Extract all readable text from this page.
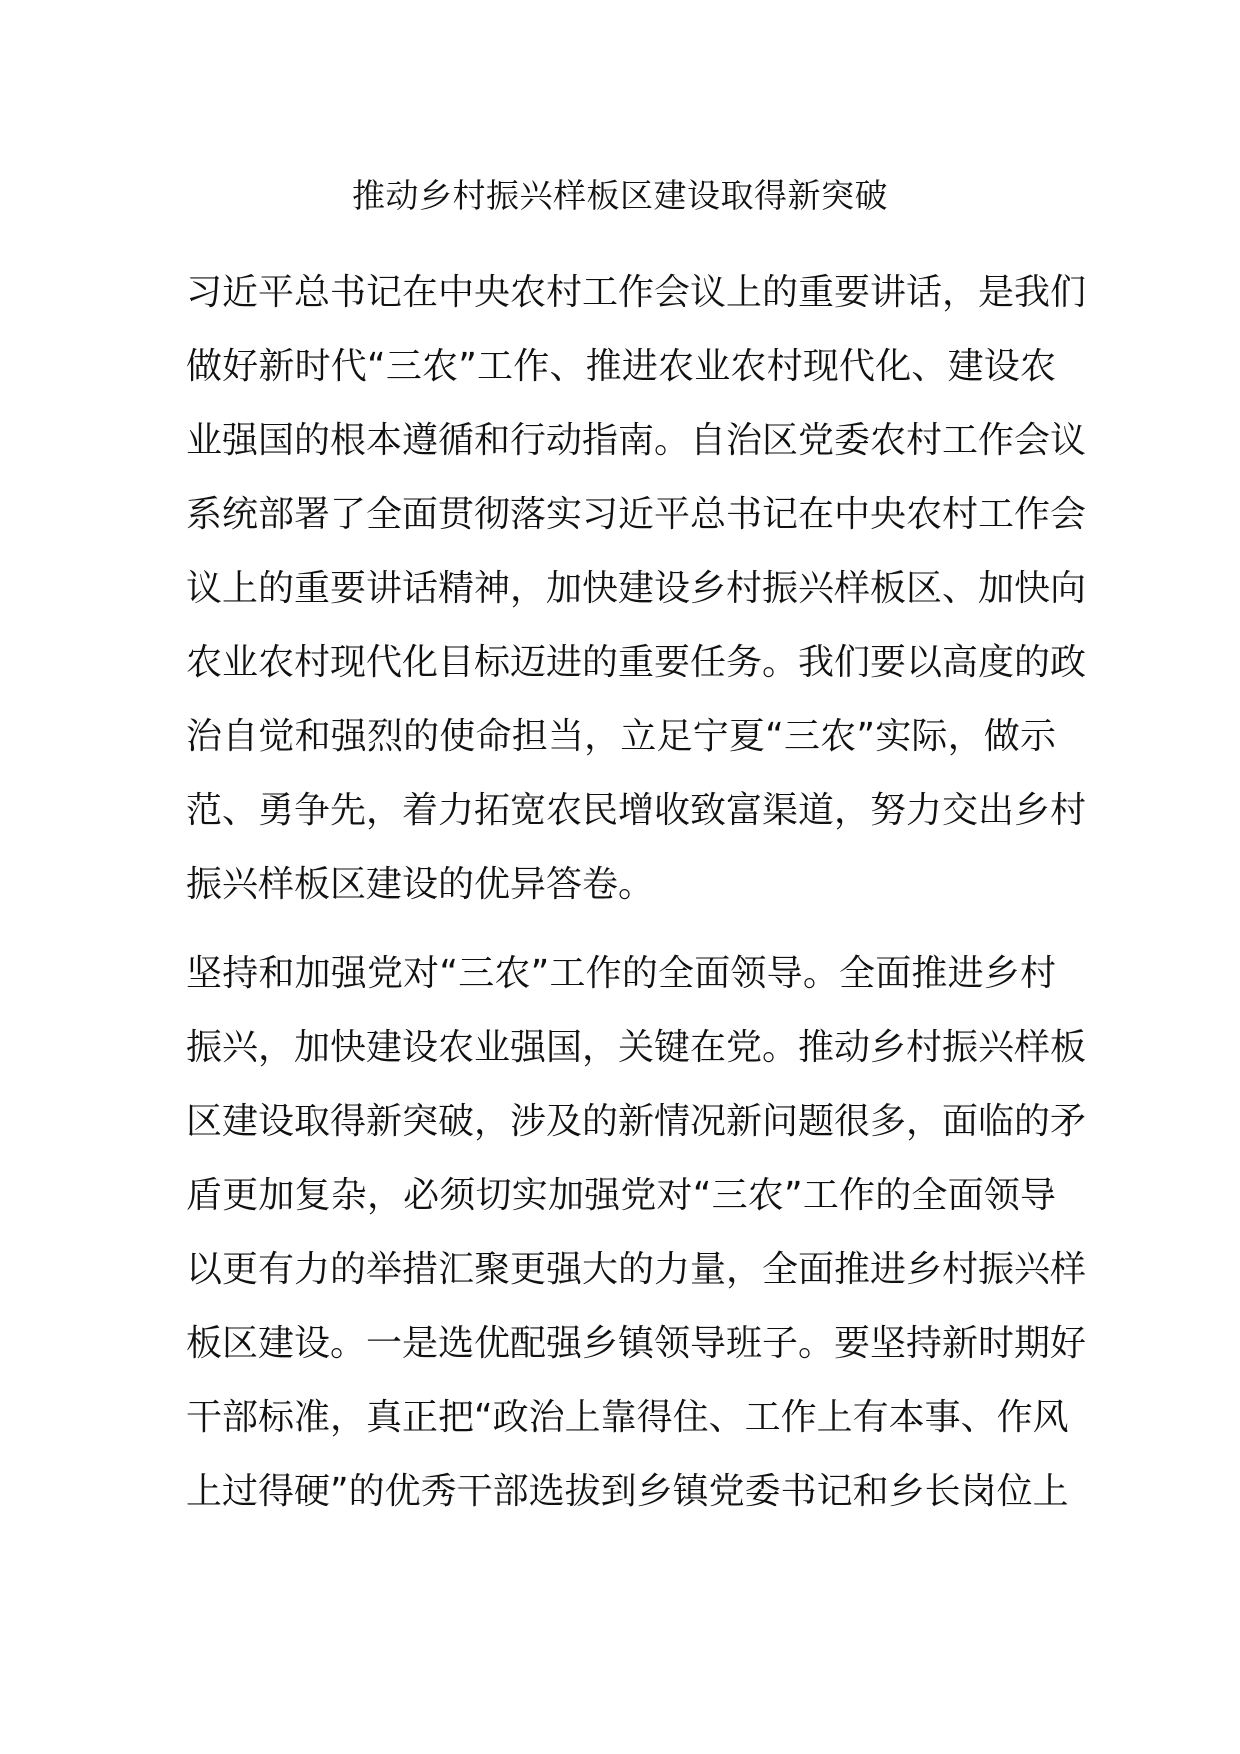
推动乡村振兴样板区建设取得新突破
习近平总书记在中央农村工作会议上的重要讲话，是我们
做好新时代“三农”工作、推进农业农村现代化、建设农
业强国的根本遵循和行动指南。自治区党委农村工作会议
系统部署了全面贯彻落实习近平总书记在中央农村工作会
议上的重要讲话精神，加快建设乡村振兴样板区、加快向
农业农村现代化目标迈进的重要任务。我们要以高度的政
治自觉和强烈的使命担当，立足宁夏“三农”实际，做示
范、勇争先，着力拓宽农民增收致富渠道，努力交出乡村
振兴样板区建设的优异答卷。
坚持和加强党对“三农”工作的全面领导。全面推进乡村
振兴，加快建设农业强国，关键在党。推动乡村振兴样板
区建设取得新突破，涉及的新情况新问题很多，面临的矛
盾更加复杂，必须切实加强党对“三农”工作的全面领导
以更有力的举措汇聚更强大的力量，全面推进乡村振兴样
板区建设。一是选优配强乡镇领导班子。要坚持新时期好
干部标准，真正把“政治上靠得住、工作上有本事、作风
上过得硬”的优秀干部选拔到乡镇党委书记和乡长岗位上
